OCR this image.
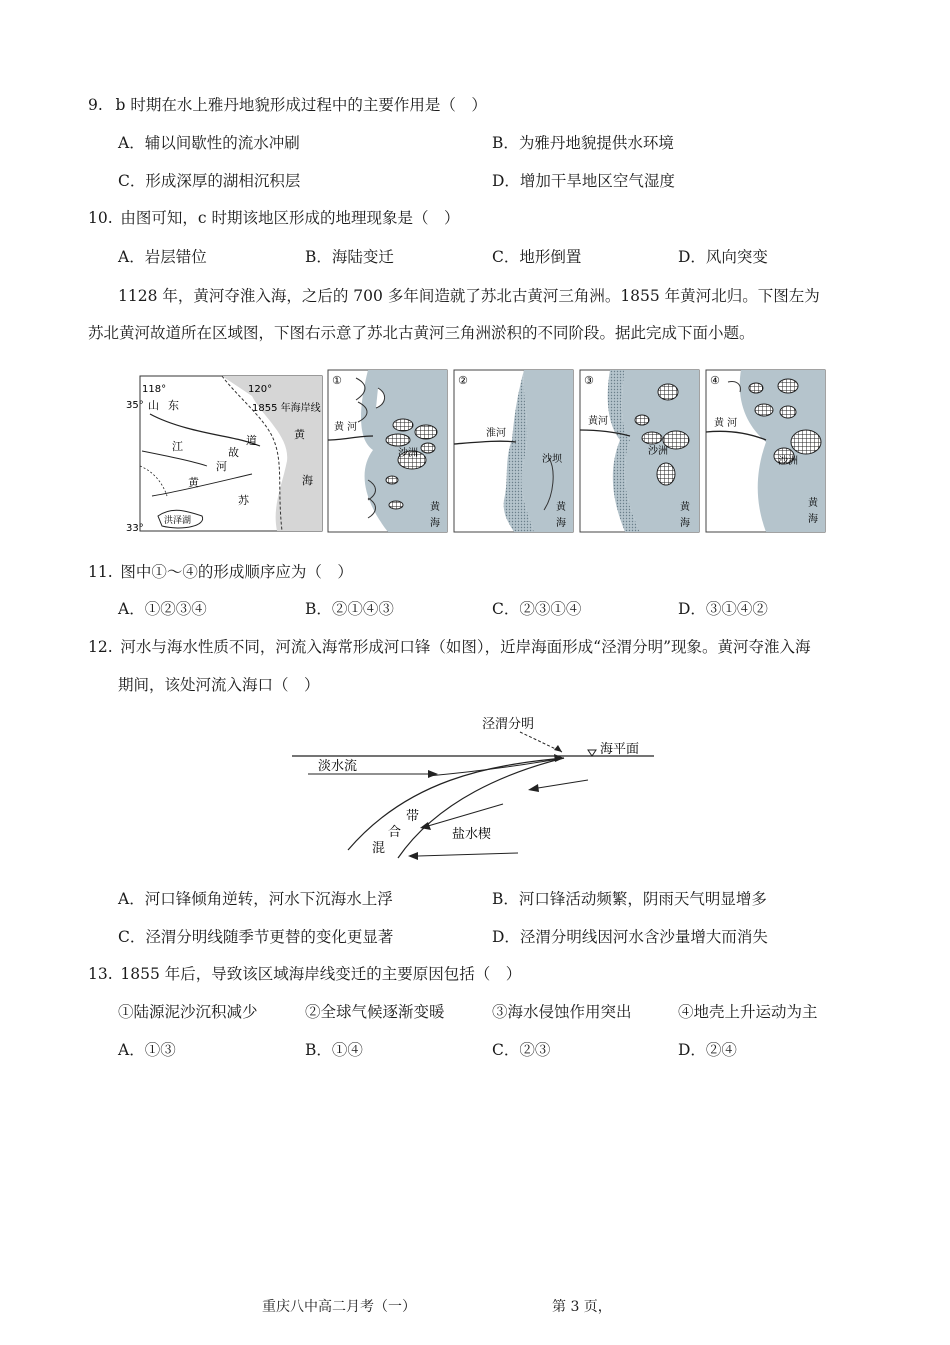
9.  b 时期在水上雅丹地貌形成过程中的主要作用是（　）
A．辅以间歇性的流水冲刷	B．为雅丹地貌提供水环境
C．形成深厚的湖相沉积层	D．增加干旱地区空气湿度
10. 由图可知，c 时期该地区形成的地理现象是（　）
A．岩层错位	B．海陆变迁	C．地形倒置	D．风向突变
1128 年，黄河夺淮入海，之后的 700 多年间造就了苏北古黄河三角洲。1855 年黄河北归。下图左为
苏北黄河故道所在区域图，下图右示意了苏北古黄河三角洲淤积的不同阶段。据此完成下面小题。
35°
33°
118°	120°
山 东	1855 年海岸线
黄
海
江	道
故
河
黄
苏
洪泽湖
①
黄 河
沙洲
黄
海
②
淮河
沙坝
黄
海
③
黄河
沙洲
黄
海
④
黄 河
沙洲
黄
海
11. 图中①～④的形成顺序应为（　）
A．①②③④	B．②①④③	C．②③①④	D．③①④②
12. 河水与海水性质不同，河流入海常形成河口锋（如图），近岸海面形成“泾渭分明”现象。黄河夺淮入海
期间，该处河流入海口（　）
泾渭分明
海平面
淡水流
盐水楔
带
合
混
A．河口锋倾角逆转，河水下沉海水上浮	B．河口锋活动频繁，阴雨天气明显增多
C．泾渭分明线随季节更替的变化更显著	D．泾渭分明线因河水含沙量增大而消失
13. 1855 年后，导致该区域海岸线变迁的主要原因包括（　）
①陆源泥沙沉积减少	②全球气候逐渐变暖	③海水侵蚀作用突出	④地壳上升运动为主
A．①③	B．①④	C．②③	D．②④
重庆八中高二月考（一）	第 3 页，
